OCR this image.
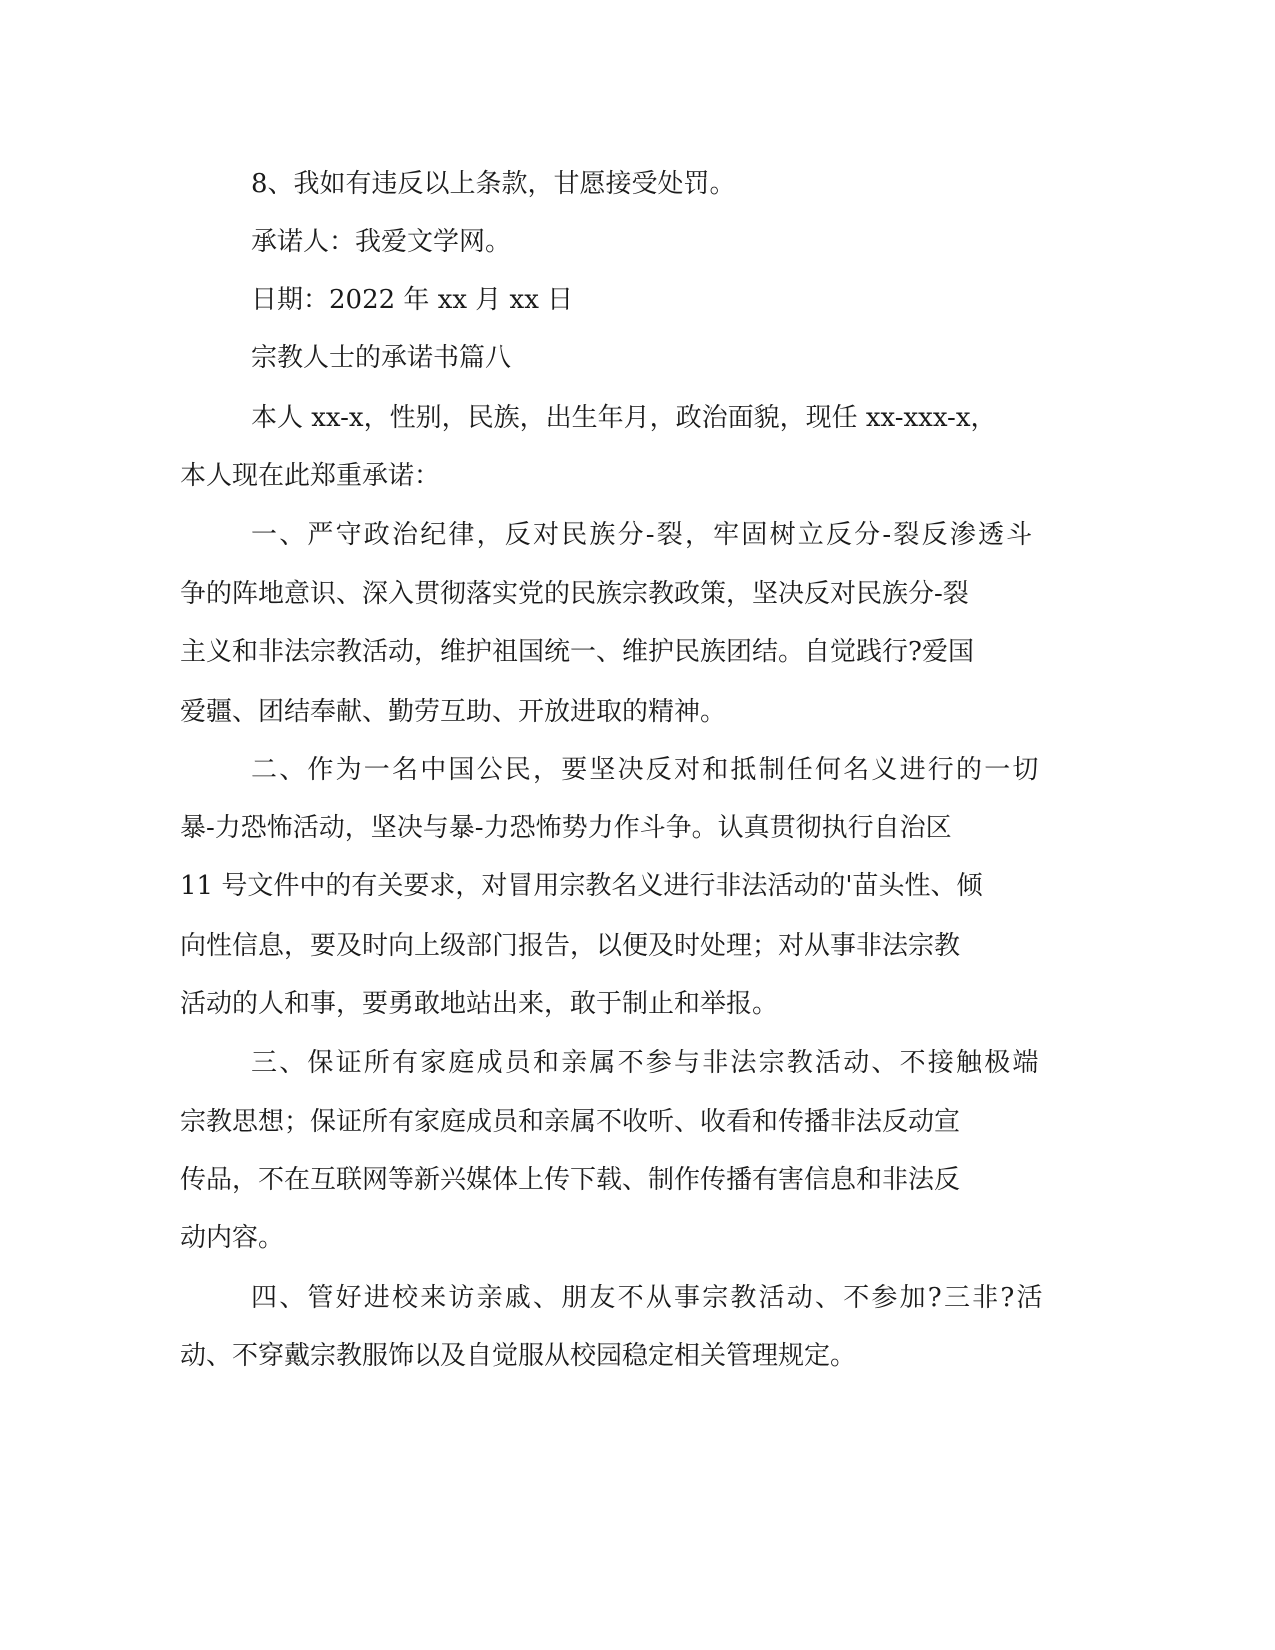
8、我如有违反以上条款，甘愿接受处罚。
承诺人：我爱文学网。
日期：2022 年 xx 月 xx 日
宗教人士的承诺书篇八
本人 xx-x，性别，民族，出生年月，政治面貌，现任 xx-xxx-x，
本人现在此郑重承诺：
一、严守政治纪律，反对民族分-裂，牢固树立反分-裂反渗透斗
争的阵地意识、深入贯彻落实党的民族宗教政策，坚决反对民族分-裂
主义和非法宗教活动，维护祖国统一、维护民族团结。自觉践行?爱国
爱疆、团结奉献、勤劳互助、开放进取的精神。
二、作为一名中国公民，要坚决反对和抵制任何名义进行的一切
暴-力恐怖活动，坚决与暴-力恐怖势力作斗争。认真贯彻执行自治区
11 号文件中的有关要求，对冒用宗教名义进行非法活动的'苗头性、倾
向性信息，要及时向上级部门报告，以便及时处理；对从事非法宗教
活动的人和事，要勇敢地站出来，敢于制止和举报。
三、保证所有家庭成员和亲属不参与非法宗教活动、不接触极端
宗教思想；保证所有家庭成员和亲属不收听、收看和传播非法反动宣
传品，不在互联网等新兴媒体上传下载、制作传播有害信息和非法反
动内容。
四、管好进校来访亲戚、朋友不从事宗教活动、不参加?三非?活
动、不穿戴宗教服饰以及自觉服从校园稳定相关管理规定。
